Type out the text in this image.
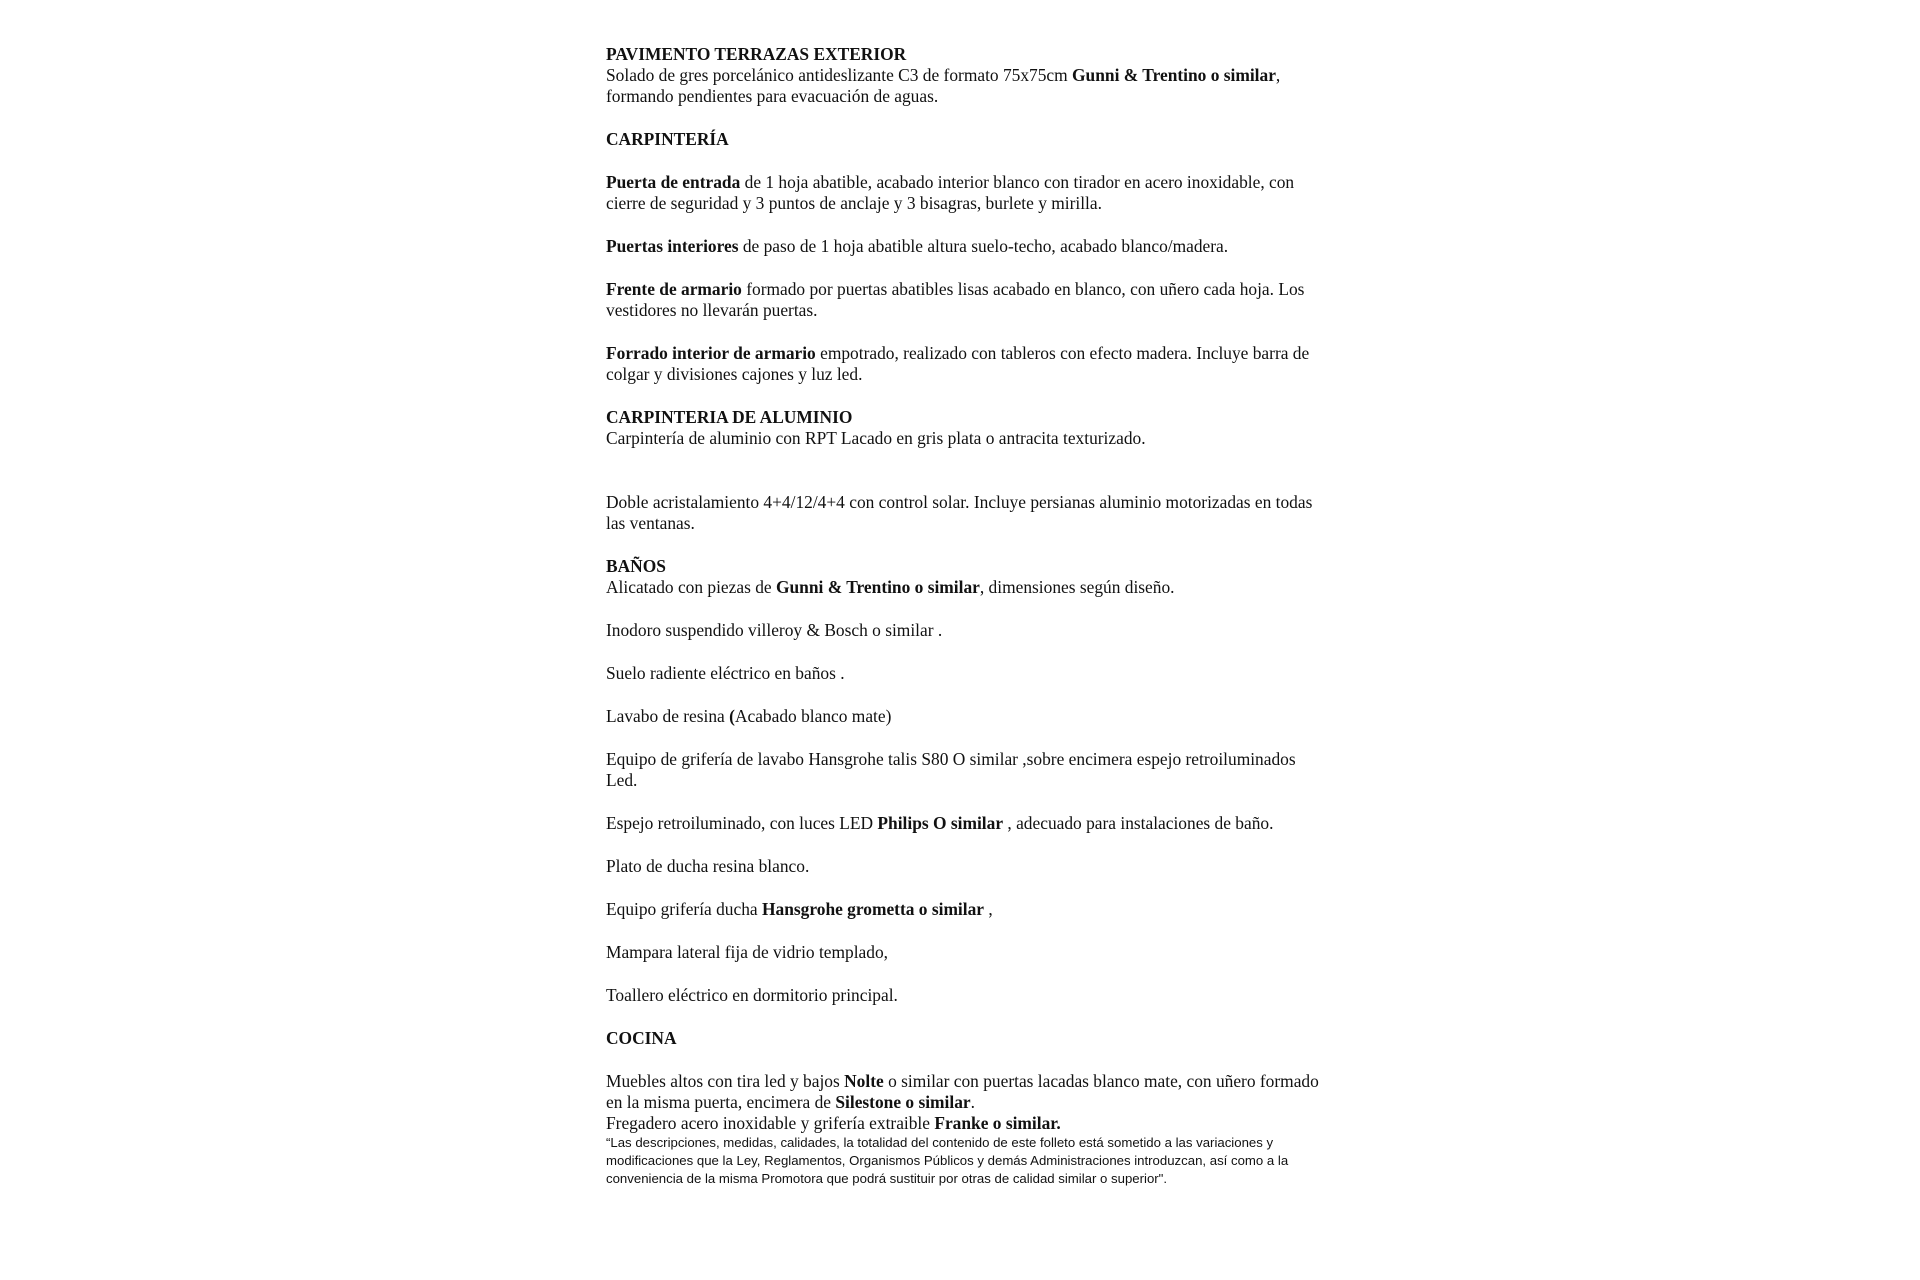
PAVIMENTO TERRAZAS EXTERIOR

Solado de gres porcelánico antideslizante C3 de formato 75x75cm Gunni & Trentino o similar, formando pendientes para evacuación de aguas.

CARPINTERÍA

Puerta de entrada de 1 hoja abatible, acabado interior blanco con tirador en acero inoxidable, con cierre de seguridad y 3 puntos de anclaje y 3 bisagras, burlete y mirilla.

Puertas interiores de paso de 1 hoja abatible altura suelo-techo, acabado blanco/madera.

Frente de armario formado por puertas abatibles lisas acabado en blanco, con uñero cada hoja. Los vestidores no llevarán puertas.

Forrado interior de armario empotrado, realizado con tableros con efecto madera. Incluye barra de colgar y divisiones cajones y luz led.

CARPINTERIA DE ALUMINIO

Carpintería de aluminio con RPT Lacado en gris plata o antracita texturizado.

Doble acristalamiento 4+4/12/4+4 con control solar. Incluye persianas aluminio motorizadas en todas las ventanas.

BAÑOS

Alicatado con piezas de Gunni & Trentino o similar, dimensiones según diseño.

Inodoro suspendido villeroy & Bosch o similar .

Suelo radiente eléctrico en baños .

Lavabo de resina (Acabado blanco mate)

Equipo de grifería de lavabo Hansgrohe talis S80 O similar ,sobre encimera espejo retroiluminados Led.

Espejo retroiluminado, con luces LED Philips O similar , adecuado para instalaciones de baño.

Plato de ducha resina blanco.

Equipo grifería ducha Hansgrohe grometta o similar ,

Mampara lateral fija de vidrio templado,

Toallero eléctrico en dormitorio principal.

COCINA

Muebles altos con tira led y bajos Nolte o similar con puertas lacadas blanco mate, con uñero formado en la misma puerta, encimera de Silestone o similar.

Fregadero acero inoxidable y grifería extraible Franke o similar.

“Las descripciones, medidas, calidades, la totalidad del contenido de este folleto está sometido a las variaciones y modificaciones que la Ley, Reglamentos, Organismos Públicos y demás Administraciones introduzcan, así como a la conveniencia de la misma Promotora que podrá sustituir por otras de calidad similar o superior".
